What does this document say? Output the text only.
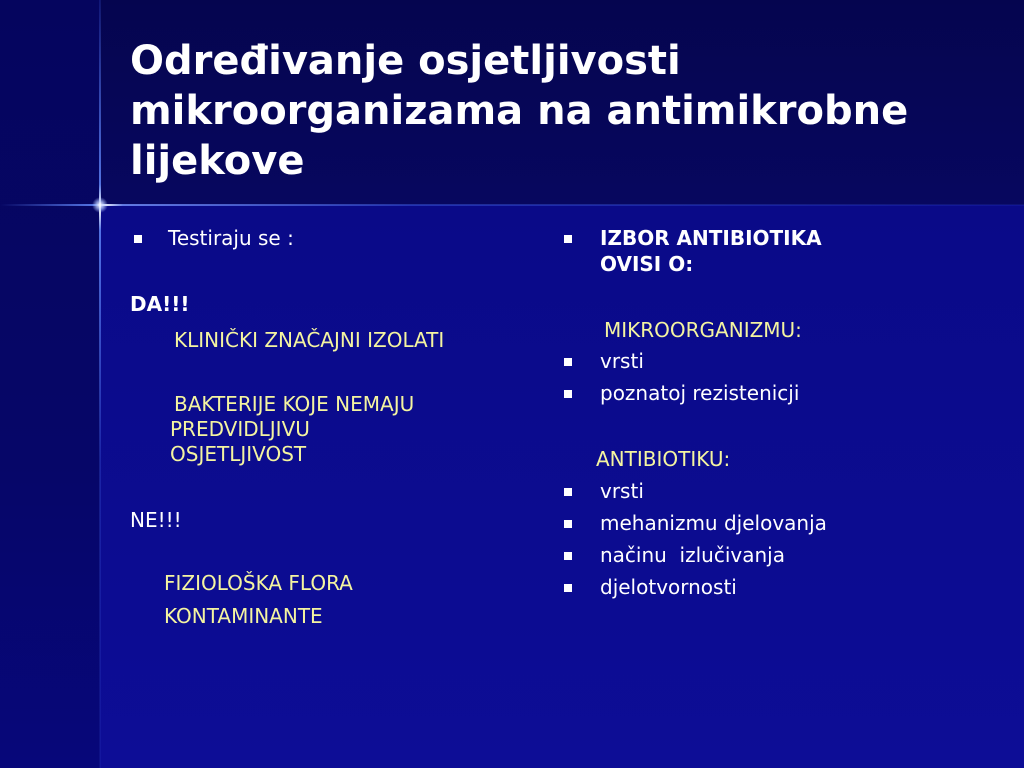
Određivanje osjetljivosti mikroorganizama na antimikrobne lijekove
Testiraju se :
DA!!!
KLINIČKI ZNAČAJNI IZOLATI
BAKTERIJE KOJE NEMAJU
PREDVIDLJIVU
OSJETLJIVOST
NE!!!
FIZIOLOŠKA FLORA
KONTAMINANTE
IZBOR ANTIBIOTIKA
OVISI O:
MIKROORGANIZMU:
vrsti
poznatoj rezistenicji
ANTIBIOTIKU:
vrsti
mehanizmu djelovanja
načinu  izlučivanja
djelotvornosti
